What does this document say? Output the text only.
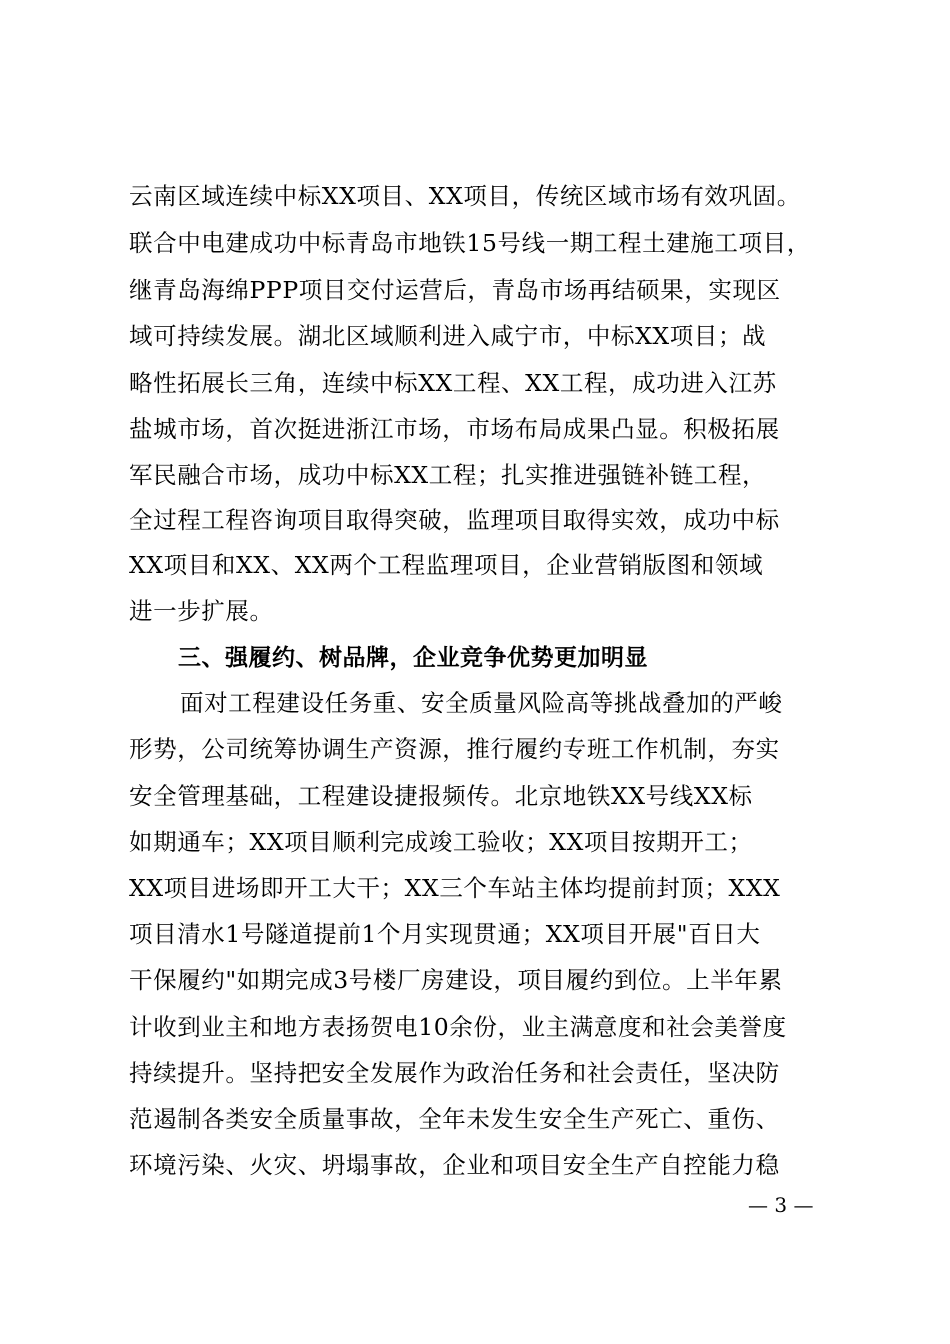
云南区域连续中标XX项目、XX项目，传统区域市场有效巩固。
联合中电建成功中标青岛市地铁15号线一期工程土建施工项目，
继青岛海绵PPP项目交付运营后，青岛市场再结硕果，实现区
域可持续发展。湖北区域顺利进入咸宁市，中标XX项目；战
略性拓展长三角，连续中标XX工程、XX工程，成功进入江苏
盐城市场，首次挺进浙江市场，市场布局成果凸显。积极拓展
军民融合市场，成功中标XX工程；扎实推进强链补链工程，
全过程工程咨询项目取得突破，监理项目取得实效，成功中标
XX项目和XX、XX两个工程监理项目，企业营销版图和领域
进一步扩展。
三、强履约、树品牌，企业竞争优势更加明显
面对工程建设任务重、安全质量风险高等挑战叠加的严峻
形势，公司统筹协调生产资源，推行履约专班工作机制，夯实
安全管理基础，工程建设捷报频传。北京地铁XX号线XX标
如期通车；XX项目顺利完成竣工验收；XX项目按期开工；
XX项目进场即开工大干；XX三个车站主体均提前封顶；XXX
项目清水1号隧道提前1个月实现贯通；XX项目开展"百日大
干保履约"如期完成3号楼厂房建设，项目履约到位。上半年累
计收到业主和地方表扬贺电10余份，业主满意度和社会美誉度
持续提升。坚持把安全发展作为政治任务和社会责任，坚决防
范遏制各类安全质量事故，全年未发生安全生产死亡、重伤、
环境污染、火灾、坍塌事故，企业和项目安全生产自控能力稳
— 3 —
